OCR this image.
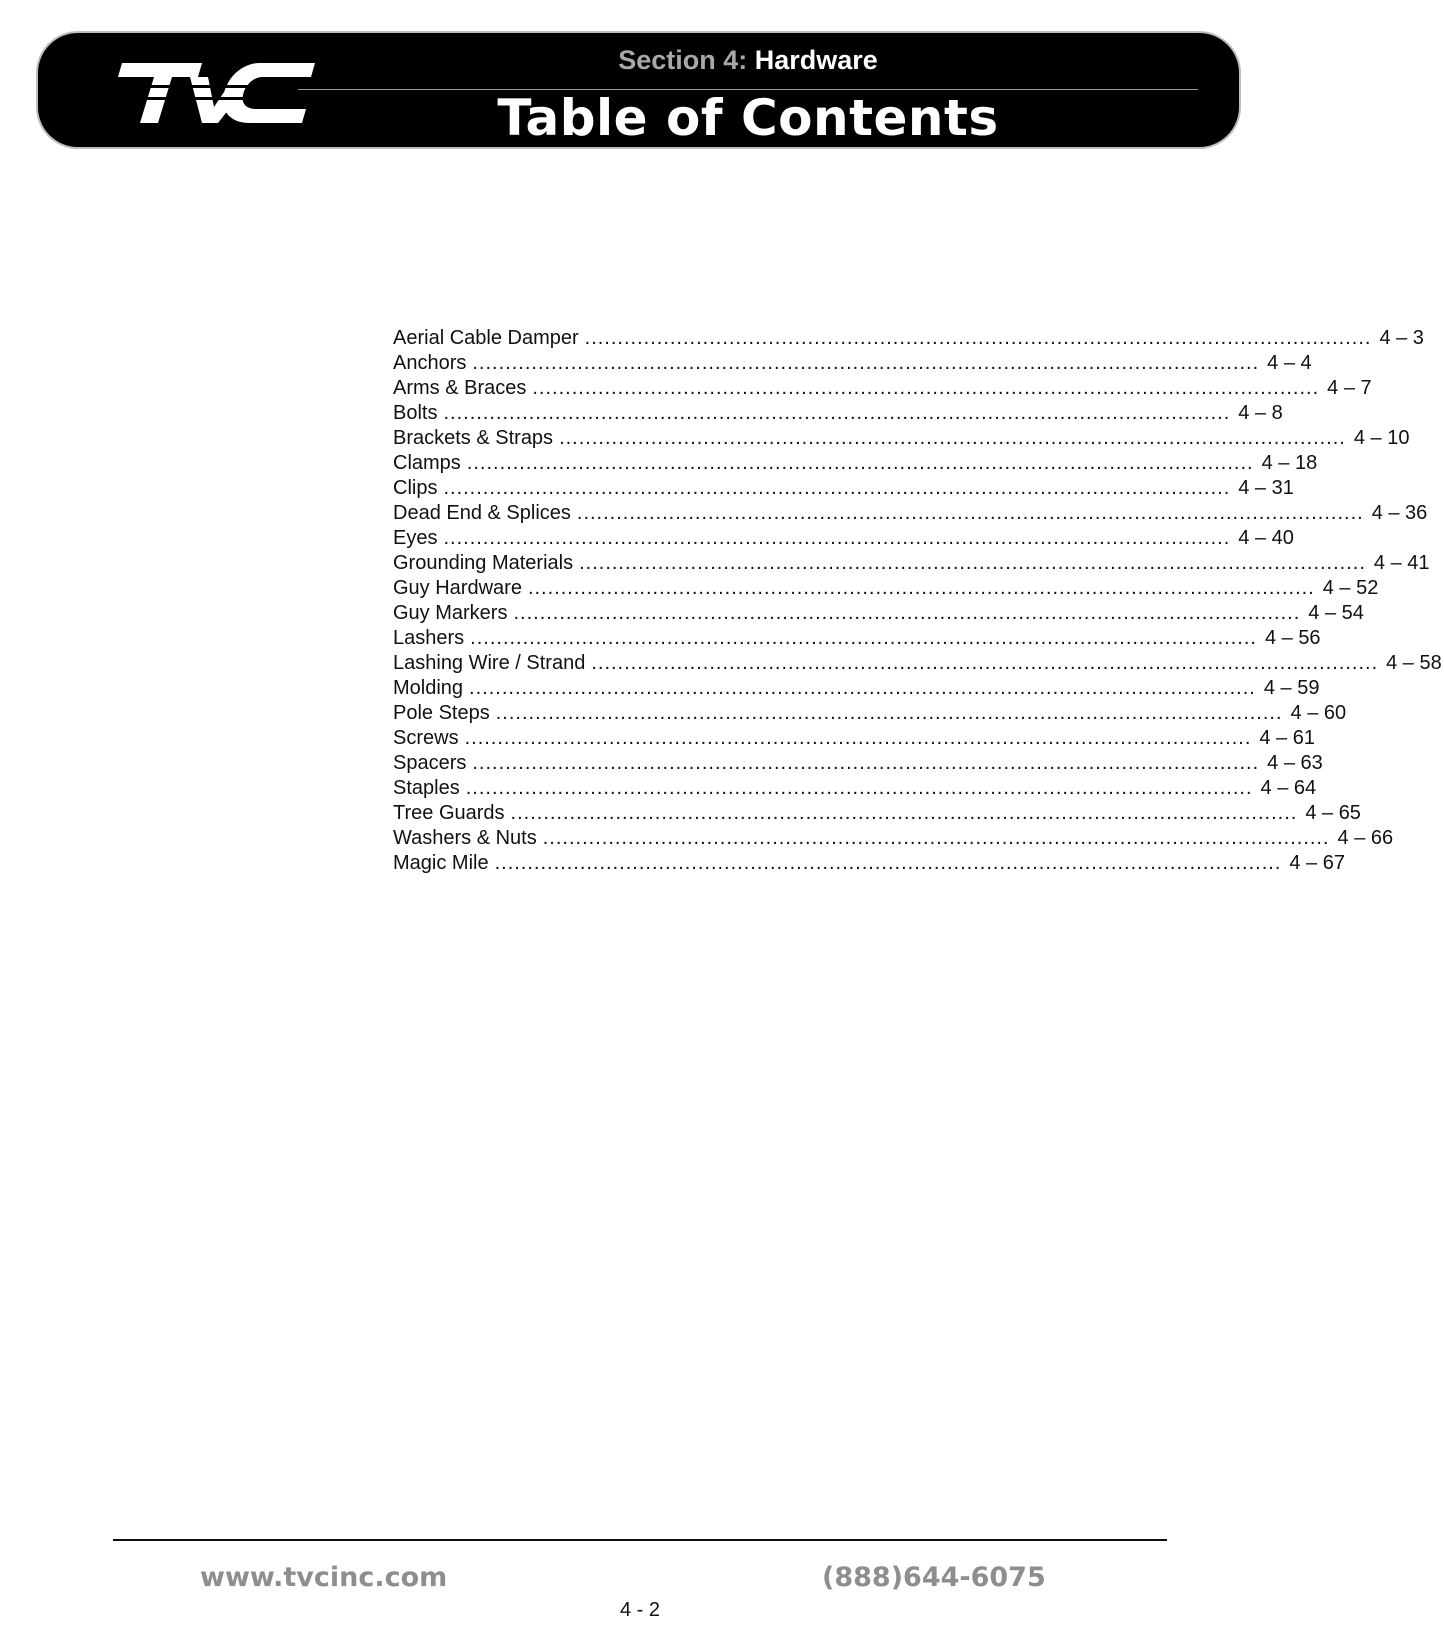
Section 4: Hardware
Table of Contents
Aerial Cable Damper ........................................................................................................................ 4 – 3
Anchors ........................................................................................................................ 4 – 4
Arms & Braces ........................................................................................................................ 4 – 7
Bolts ........................................................................................................................ 4 – 8
Brackets & Straps ........................................................................................................................ 4 – 10
Clamps ........................................................................................................................ 4 – 18
Clips ........................................................................................................................ 4 – 31
Dead End & Splices ........................................................................................................................ 4 – 36
Eyes ........................................................................................................................ 4 – 40
Grounding Materials ........................................................................................................................ 4 – 41
Guy Hardware ........................................................................................................................ 4 – 52
Guy Markers ........................................................................................................................ 4 – 54
Lashers ........................................................................................................................ 4 – 56
Lashing Wire / Strand ........................................................................................................................ 4 – 58
Molding ........................................................................................................................ 4 – 59
Pole Steps ........................................................................................................................ 4 – 60
Screws ........................................................................................................................ 4 – 61
Spacers ........................................................................................................................ 4 – 63
Staples ........................................................................................................................ 4 – 64
Tree Guards ........................................................................................................................ 4 – 65
Washers & Nuts ........................................................................................................................ 4 – 66
Magic Mile ........................................................................................................................ 4 – 67
www.tvcinc.com	(888)644-6075
4 - 2
